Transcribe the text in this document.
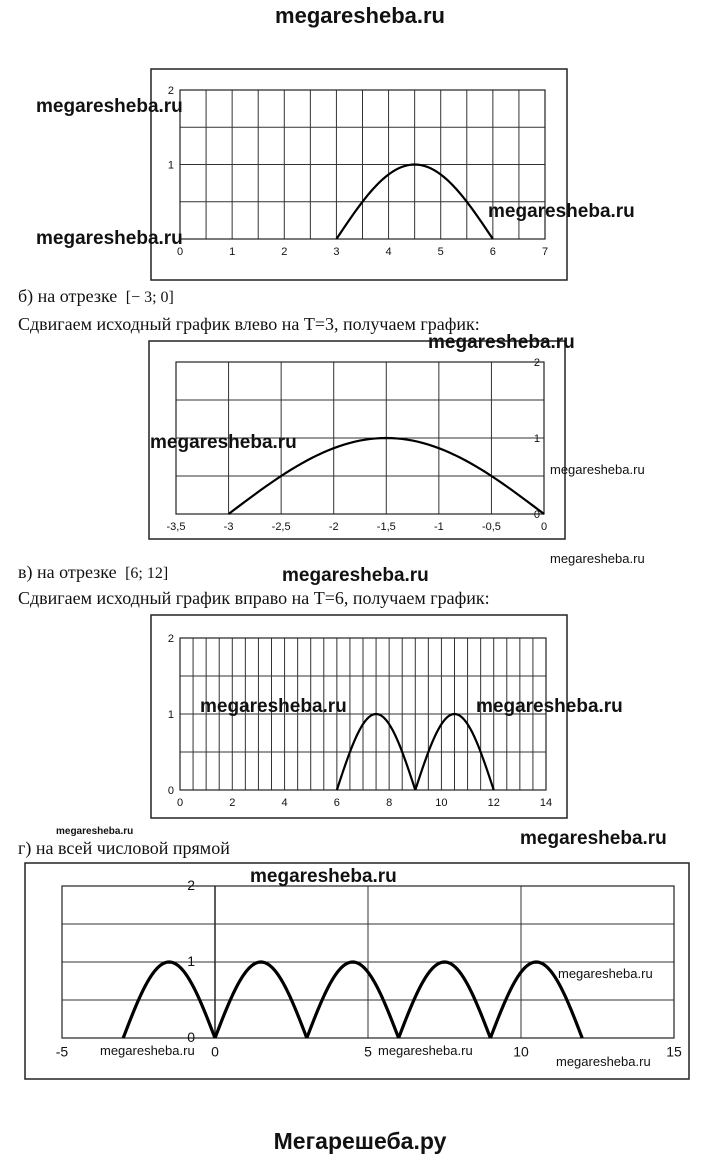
megaresheba.ru
0	1	2	3	4	5	6	7
1
2
-3,5	-3	-2,5	-2	-1,5	-1	-0,5	0
0
1
2
0	2	4	6	8	10	12	14
0
1
2
-5	0	5	10	15
0
1
2
б) на отрезке [− 3; 0]
Сдвигаем исходный график влево на T=3, получаем график:
в) на отрезке [6; 12]
Сдвигаем исходный график вправо на T=6, получаем график:
г) на всей числовой прямой
megaresheba.ru
megaresheba.ru
megaresheba.ru
megaresheba.ru
megaresheba.ru
megaresheba.ru
megaresheba.ru	megaresheba.ru
megaresheba.ru
megaresheba.ru
megaresheba.ru
megaresheba.ru
megaresheba.ru
megaresheba.ru
megaresheba.ru	megaresheba.ru
megaresheba.ru
Мегарешеба.ру
